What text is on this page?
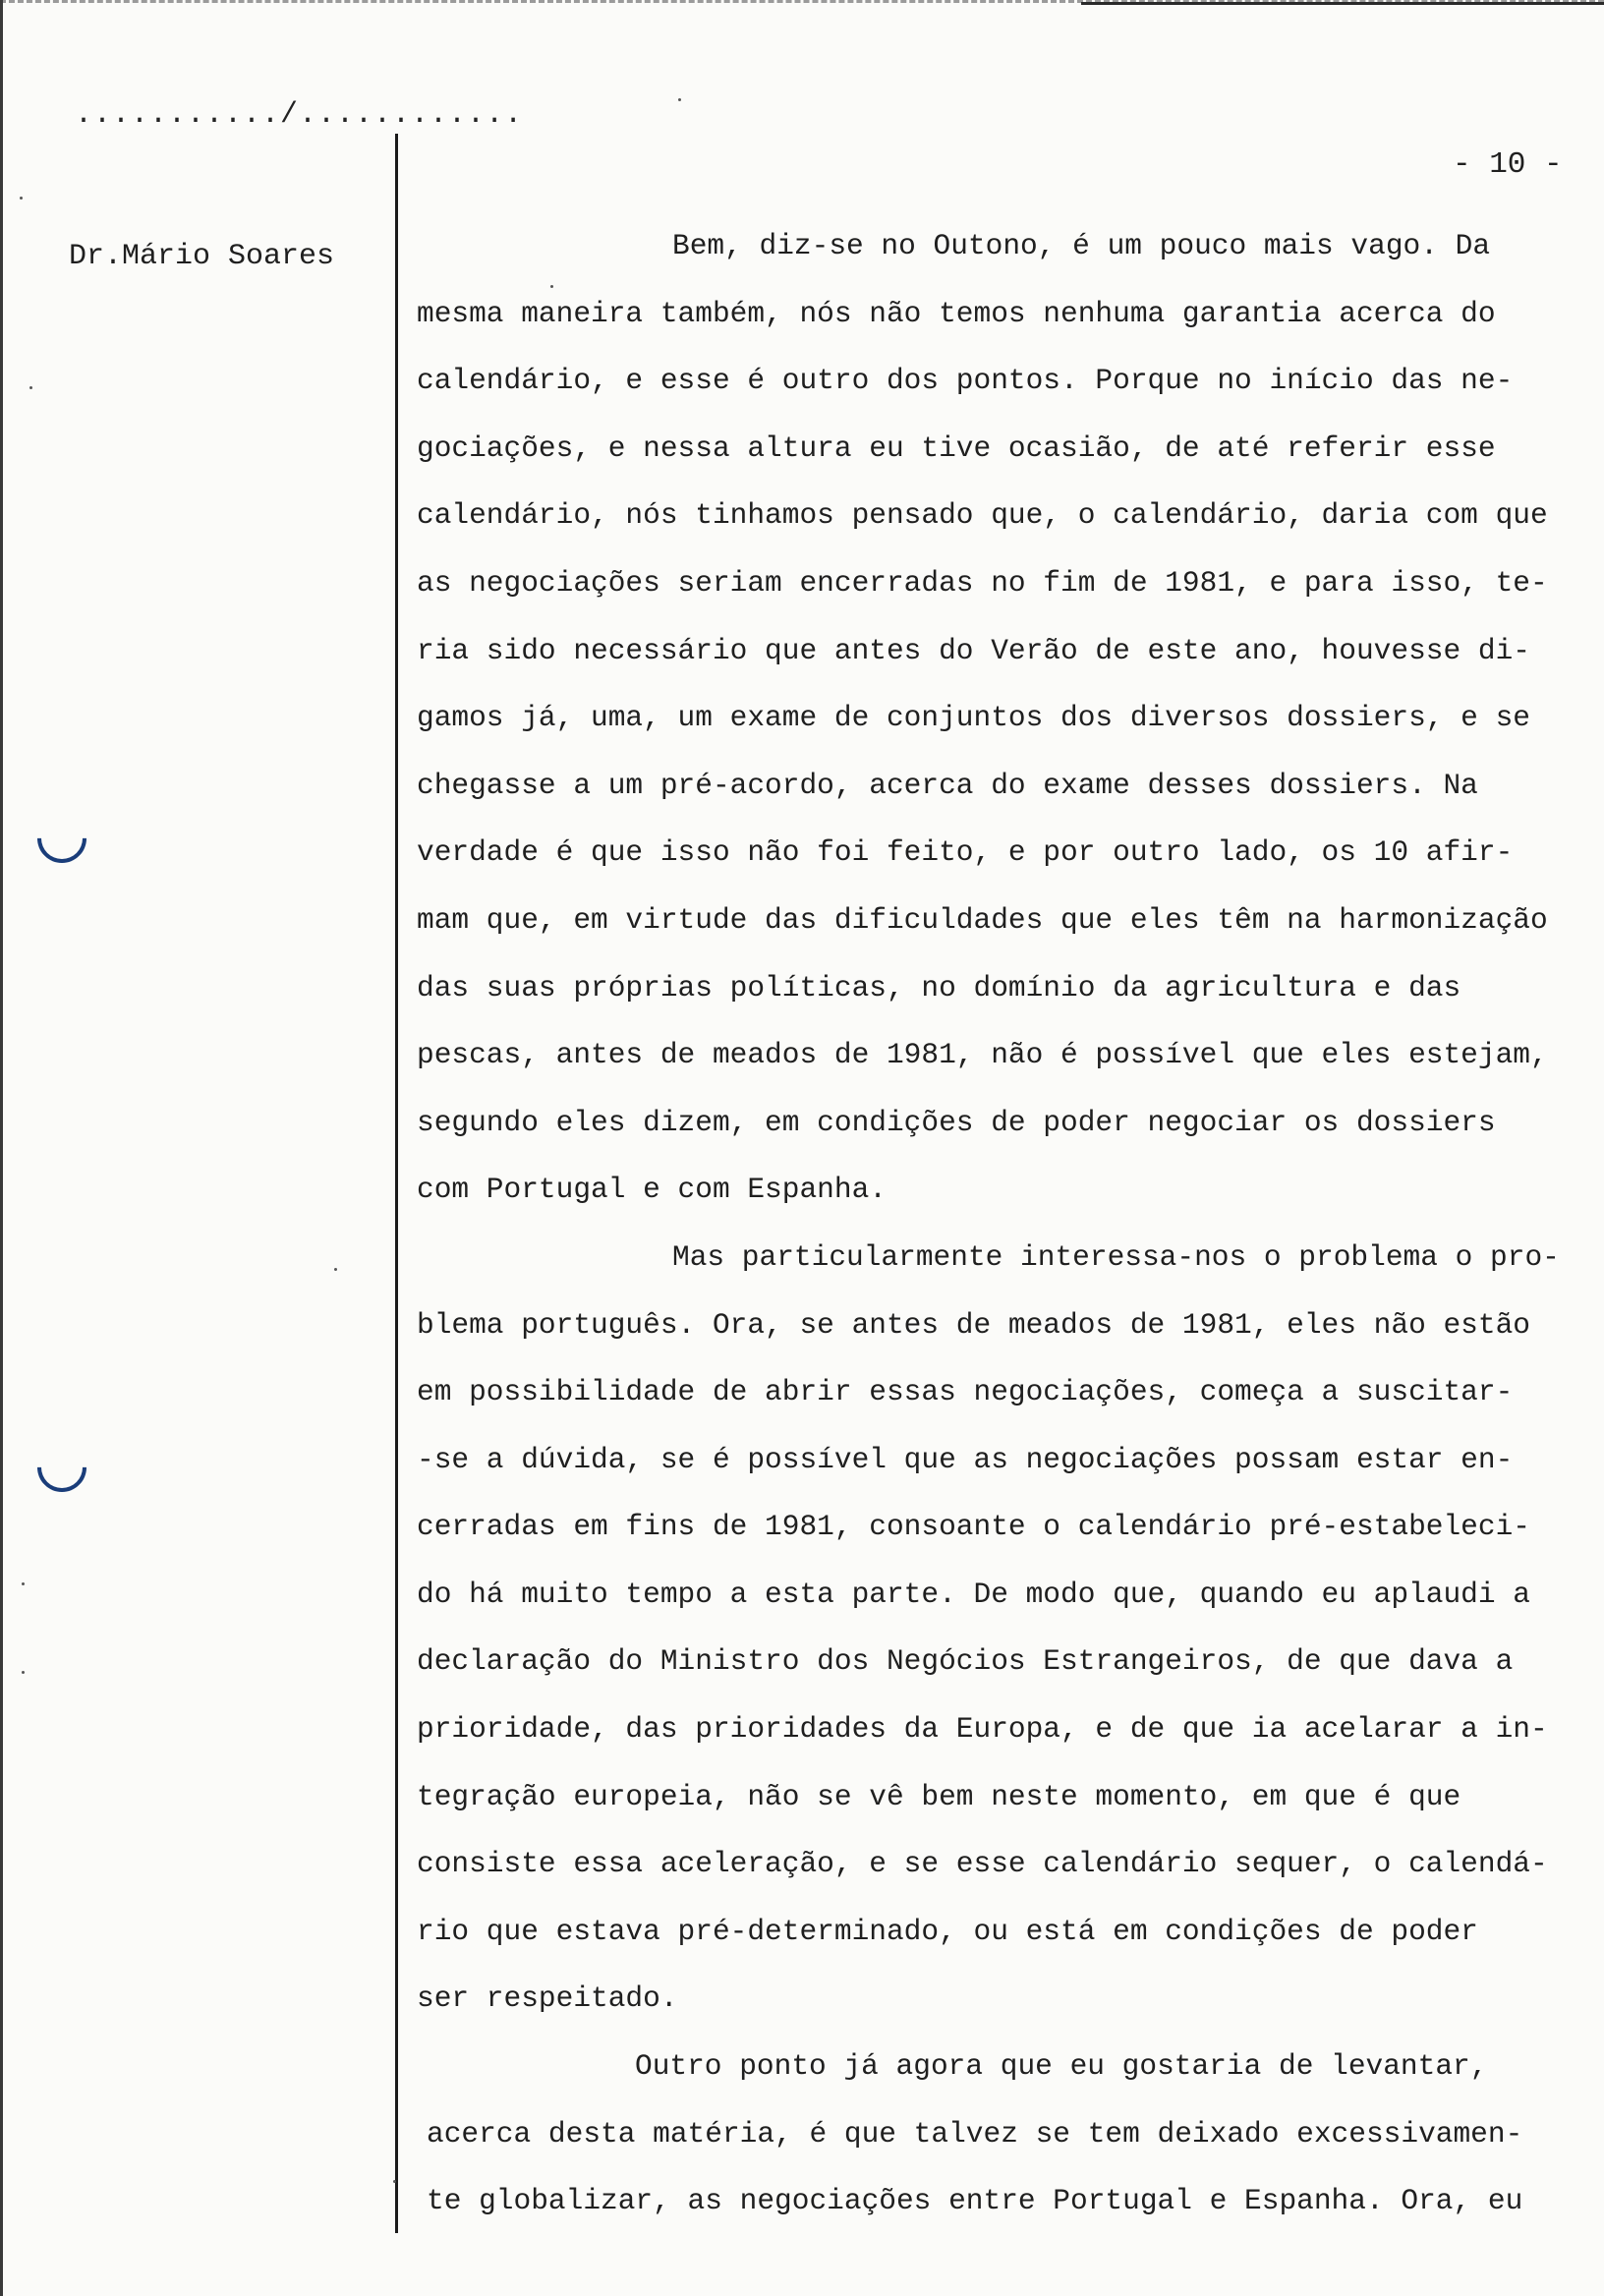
.........../............
Dr.Mário Soares
- 10 -
Bem, diz-se no Outono, é um pouco mais vago. Da
mesma maneira também, nós não temos nenhuma garantia acerca do
calendário, e esse é outro dos pontos. Porque no início das ne-
gociações, e nessa altura eu tive ocasião, de até referir esse
calendário, nós tinhamos pensado que, o calendário, daria com que
as negociações seriam encerradas no fim de 1981, e para isso, te-
ria sido necessário que antes do Verão de este ano, houvesse di-
gamos já, uma, um exame de conjuntos dos diversos dossiers, e se
chegasse a um pré-acordo, acerca do exame desses dossiers. Na
verdade é que isso não foi feito, e por outro lado, os 10 afir-
mam que, em virtude das dificuldades que eles têm na harmonização
das suas próprias políticas, no domínio da agricultura e das
pescas, antes de meados de 1981, não é possível que eles estejam,
segundo eles dizem, em condições de poder negociar os dossiers
com Portugal e com Espanha.
Mas particularmente interessa-nos o problema o pro-
blema português. Ora, se antes de meados de 1981, eles não estão
em possibilidade de abrir essas negociações, começa a suscitar-
-se a dúvida, se é possível que as negociações possam estar en-
cerradas em fins de 1981, consoante o calendário pré-estabeleci-
do há muito tempo a esta parte. De modo que, quando eu aplaudi a
declaração do Ministro dos Negócios Estrangeiros, de que dava a
prioridade, das prioridades da Europa, e de que ia acelarar a in-
tegração europeia, não se vê bem neste momento, em que é que
consiste essa aceleração, e se esse calendário sequer, o calendá-
rio que estava pré-determinado, ou está em condições de poder
ser respeitado.
Outro ponto já agora que eu gostaria de levantar,
acerca desta matéria, é que talvez se tem deixado excessivamen-
te globalizar, as negociações entre Portugal e Espanha. Ora, eu
